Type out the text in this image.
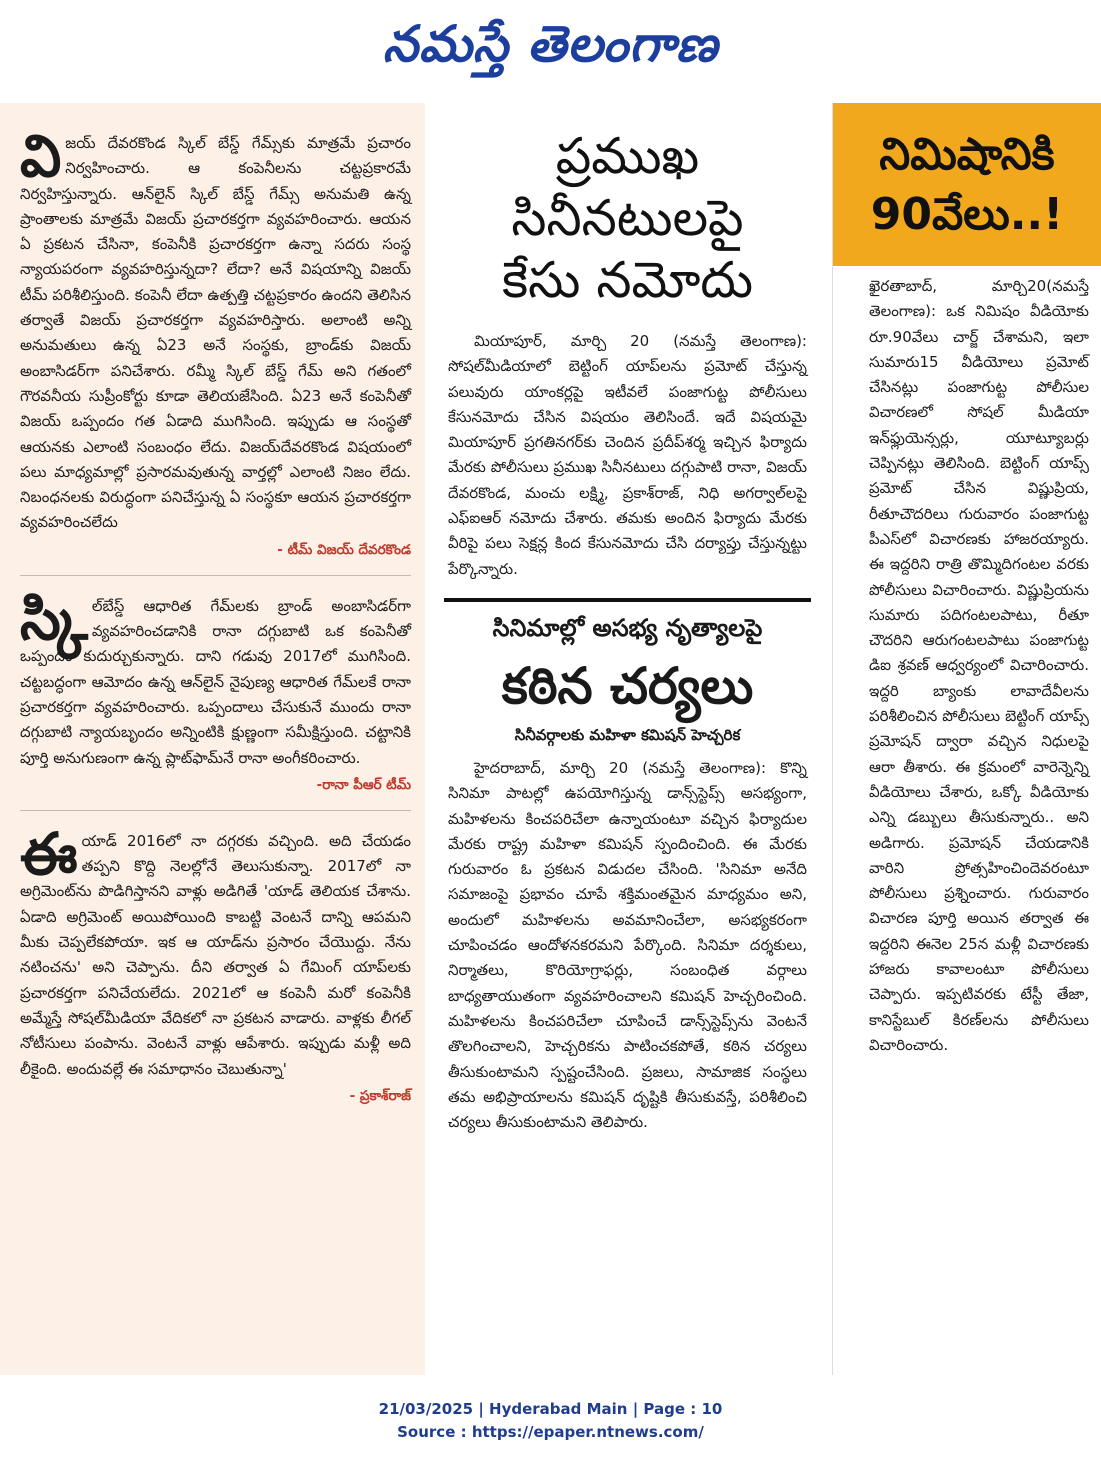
నమస్తే తెలంగాణ

విజయ్ దేవరకొండ స్కిల్ బేస్డ్ గేమ్స్‌కు మాత్రమే ప్రచారం నిర్వహించారు. ఆ కంపెనీలను చట్టప్రకారమే నిర్వహిస్తున్నారు. ఆన్‌లైన్ స్కిల్ బేస్డ్ గేమ్స్ అనుమతి ఉన్న ప్రాంతాలకు మాత్రమే విజయ్ ప్రచారకర్తగా వ్యవహరించారు. ఆయన ఏ ప్రకటన చేసినా, కంపెనీకి ప్రచారకర్తగా ఉన్నా సదరు సంస్థ న్యాయపరంగా వ్యవహరిస్తున్నదా? లేదా? అనే విషయాన్ని విజయ్ టీమ్ పరిశీలిస్తుంది. కంపెనీ లేదా ఉత్పత్తి చట్టప్రకారం ఉందని తెలిసిన తర్వాతే విజయ్ ప్రచారకర్తగా వ్యవహరిస్తారు. అలాంటి అన్ని అనుమతులు ఉన్న ఏ23 అనే సంస్థకు, బ్రాండ్‌కు విజయ్ అంబాసిడర్‌గా పనిచేశారు. రమ్మీ స్కిల్ బేస్డ్ గేమ్ అని గతంలో గౌరవనీయ సుప్రీంకోర్టు కూడా తెలియజేసింది. ఏ23 అనే కంపెనీతో విజయ్ ఒప్పందం గత ఏడాది ముగిసింది. ఇప్పుడు ఆ సంస్థతో ఆయనకు ఎలాంటి సంబంధం లేదు. విజయ్‌దేవరకొండ విషయంలో పలు మాధ్యమాల్లో ప్రసారమవుతున్న వార్తల్లో ఎలాంటి నిజం లేదు. నిబంధనలకు విరుద్ధంగా పనిచేస్తున్న ఏ సంస్థకూ ఆయన ప్రచారకర్తగా వ్యవహరించలేదు

- టీమ్ విజయ్ దేవరకొండ

స్కి ల్‌బేస్డ్ ఆధారిత గేమ్‌లకు బ్రాండ్ అంబాసిడర్‌గా వ్యవహరించడానికి రానా దగ్గుబాటి ఒక కంపెనీతో ఒప్పందం కుదుర్చుకున్నారు. దాని గడువు 2017లో ముగిసింది. చట్టబద్ధంగా ఆమోదం ఉన్న ఆన్‌లైన్ నైపుణ్య ఆధారిత గేమ్‌లకే రానా ప్రచారకర్తగా వ్యవహరించారు. ఒప్పందాలు చేసుకునే ముందు రానా దగ్గుబాటి న్యాయబృందం అన్నింటికి క్షుణ్ణంగా సమీక్షిస్తుంది. చట్టానికి పూర్తి అనుగుణంగా ఉన్న ప్లాట్‌ఫామ్‌నే రానా అంగీకరించారు.

-రానా పీఆర్ టీమ్

ఈయాడ్ 2016లో నా దగ్గరకు వచ్చింది. అది చేయడం తప్పని కొద్ది నెలల్లోనే తెలుసుకున్నా. 2017లో నా అగ్రిమెంట్‌ను పొడిగిస్తానని వాళ్లు అడిగితే 'యాడ్ తెలియక చేశాను. ఏడాది అగ్రిమెంట్ అయిపోయింది కాబట్టి వెంటనే దాన్ని ఆపమని మీకు చెప్పలేకపోయా. ఇక ఆ యాడ్‌ను ప్రసారం చేయొద్దు. నేను నటించను' అని చెప్పాను. దీని తర్వాత ఏ గేమింగ్ యాప్‌లకు ప్రచారకర్తగా పనిచేయలేదు. 2021లో ఆ కంపెనీ మరో కంపెనీకి అమ్మేస్తే సోషల్‌మీడియా వేదికలో నా ప్రకటన వాడారు. వాళ్లకు లీగల్ నోటీసులు పంపాను. వెంటనే వాళ్లు ఆపేశారు. ఇప్పుడు మళ్లీ అది లీకైంది. అందువల్లే ఈ సమాధానం చెబుతున్నా'

- ప్రకాశ్‌రాజ్
ప్రముఖ
సినీనటులపై
కేసు నమోదు

మియాపూర్, మార్చి 20 (నమస్తే తెలంగాణ): సోషల్‌మీడియాలో బెట్టింగ్ యాప్‌లను ప్రమోట్ చేస్తున్న పలువురు యాంకర్లపై ఇటీవలే పంజాగుట్ట పోలీసులు కేసునమోదు చేసిన విషయం తెలిసిందే. ఇదే విషయమై మియాపూర్ ప్రగతినగర్‌కు చెందిన ప్రదీప్‌శర్మ ఇచ్చిన ఫిర్యాదు మేరకు పోలీసులు ప్రముఖ సినీనటులు దగ్గుపాటి రానా, విజయ్ దేవరకొండ, మంచు లక్ష్మి, ప్రకాశ్‌రాజ్, నిధి అగర్వాల్‌లపై ఎఫ్‌ఐఆర్ నమోదు చేశారు. తమకు అందిన ఫిర్యాదు మేరకు వీరిపై పలు సెక్షన్ల కింద కేసునమోదు చేసి దర్యాప్తు చేస్తున్నట్టు పేర్కొన్నారు.

సినిమాల్లో అసభ్య నృత్యాలపై
కఠిన చర్యలు
సినీవర్గాలకు మహిళా కమిషన్ హెచ్చరిక

హైదరాబాద్, మార్చి 20 (నమస్తే తెలంగాణ): కొన్ని సినిమా పాటల్లో ఉపయోగిస్తున్న డాన్స్‌స్టెప్స్ అసభ్యంగా, మహిళలను కించపరిచేలా ఉన్నాయంటూ వచ్చిన ఫిర్యాదుల మేరకు రాష్ట్ర మహిళా కమిషన్ స్పందించింది. ఈ మేరకు గురువారం ఓ ప్రకటన విడుదల చేసింది. 'సినిమా అనేది సమాజంపై ప్రభావం చూపే శక్తిమంతమైన మాధ్యమం అని, అందులో మహిళలను అవమానించేలా, అసభ్యకరంగా చూపించడం ఆందోళనకరమని పేర్కొంది. సినిమా దర్శకులు, నిర్మాతలు, కొరియోగ్రాఫర్లు, సంబంధిత వర్గాలు బాధ్యతాయుతంగా వ్యవహరించాలని కమిషన్ హెచ్చరించింది. మహిళలను కించపరిచేలా చూపించే డాన్స్‌స్టెప్స్‌ను వెంటనే తొలగించాలని, హెచ్చరికను పాటించకపోతే, కఠిన చర్యలు తీసుకుంటామని స్పష్టంచేసింది. ప్రజలు, సామాజిక సంస్థలు తమ అభిప్రాయాలను కమిషన్ దృష్టికి తీసుకువస్తే, పరిశీలించి చర్యలు తీసుకుంటామని తెలిపారు.

నిమిషానికి
90వేలు..!

ఖైరతాబాద్, మార్చి20(నమస్తే తెలంగాణ): ఒక నిమిషం వీడియోకు రూ.90వేలు చార్జ్ చేశామని, ఇలా సుమారు15 వీడియోలు ప్రమోట్ చేసినట్లు పంజాగుట్ట పోలీసుల విచారణలో సోషల్ మీడియా ఇన్‌ఫ్లుయెన్సర్లు, యూట్యూబర్లు చెప్పినట్లు తెలిసింది. బెట్టింగ్ యాప్స్ ప్రమోట్ చేసిన విష్ణుప్రియ, రీతూచౌదరిలు గురువారం పంజాగుట్ట పీఎస్‌లో విచారణకు హాజరయ్యారు. ఈ ఇద్దరిని రాత్రి తొమ్మిదిగంటల వరకు పోలీసులు విచారించారు. విష్ణుప్రియను సుమారు పదిగంటలపాటు, రీతూ చౌదరిని ఆరుగంటలపాటు పంజాగుట్ట డిఐ శ్రవణ్ ఆధ్వర్యంలో విచారించారు. ఇద్దరి బ్యాంకు లావాదేవీలను పరిశీలించిన పోలీసులు బెట్టింగ్ యాప్స్ ప్రమోషన్ ద్వారా వచ్చిన నిధులపై ఆరా తీశారు. ఈ క్రమంలో వారెన్నెన్ని వీడియోలు చేశారు, ఒక్కో వీడియోకు ఎన్ని డబ్బులు తీసుకున్నారు.. అని అడిగారు. ప్రమోషన్ చేయడానికి వారిని ప్రోత్సహించిందెవరంటూ పోలీసులు ప్రశ్నించారు. గురువారం విచారణ పూర్తి అయిన తర్వాత ఈ ఇద్దరిని ఈనెల 25న మళ్లీ విచారణకు హాజరు కావాలంటూ పోలీసులు చెప్పారు. ఇప్పటివరకు టేస్టీ తేజా, కానిస్టేబుల్ కిరణ్‌లను పోలీసులు విచారించారు.

21/03/2025 | Hyderabad Main | Page : 10
Source : https://epaper.ntnews.com/
